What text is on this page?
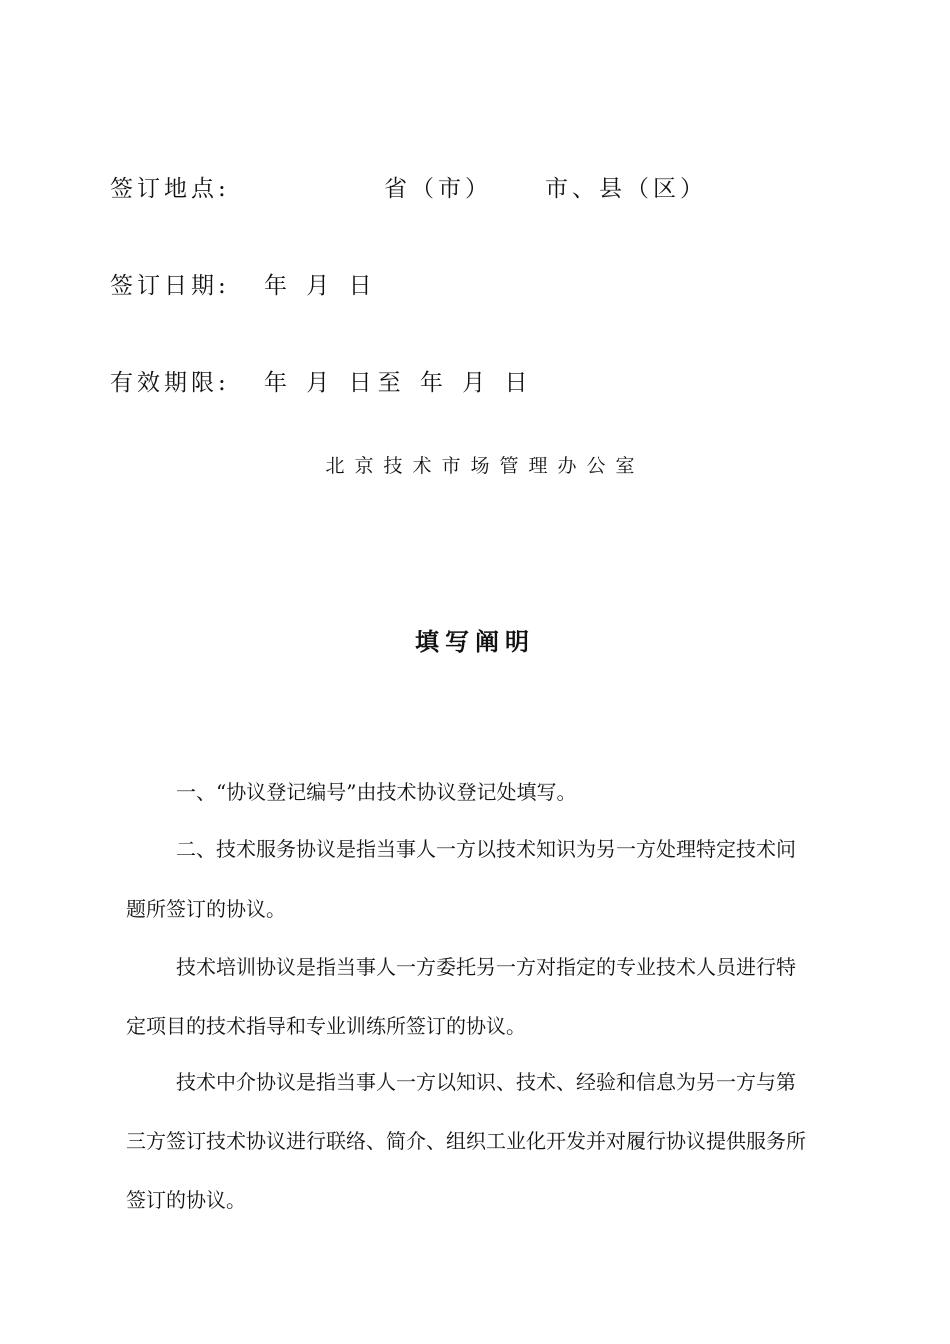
签订地点:	省（市） 市、县（区）
签订日期: 年 月 日
有效期限: 年 月 日至 年 月 日
北京技术市场管理办公室
填写阐明
一、“协议登记编号”由技术协议登记处填写。
二、技术服务协议是指当事人一方以技术知识为另一方处理特定技术问
题所签订的协议。
技术培训协议是指当事人一方委托另一方对指定的专业技术人员进行特
定项目的技术指导和专业训练所签订的协议。
技术中介协议是指当事人一方以知识、技术、经验和信息为另一方与第
三方签订技术协议进行联络、简介、组织工业化开发并对履行协议提供服务所
签订的协议。
